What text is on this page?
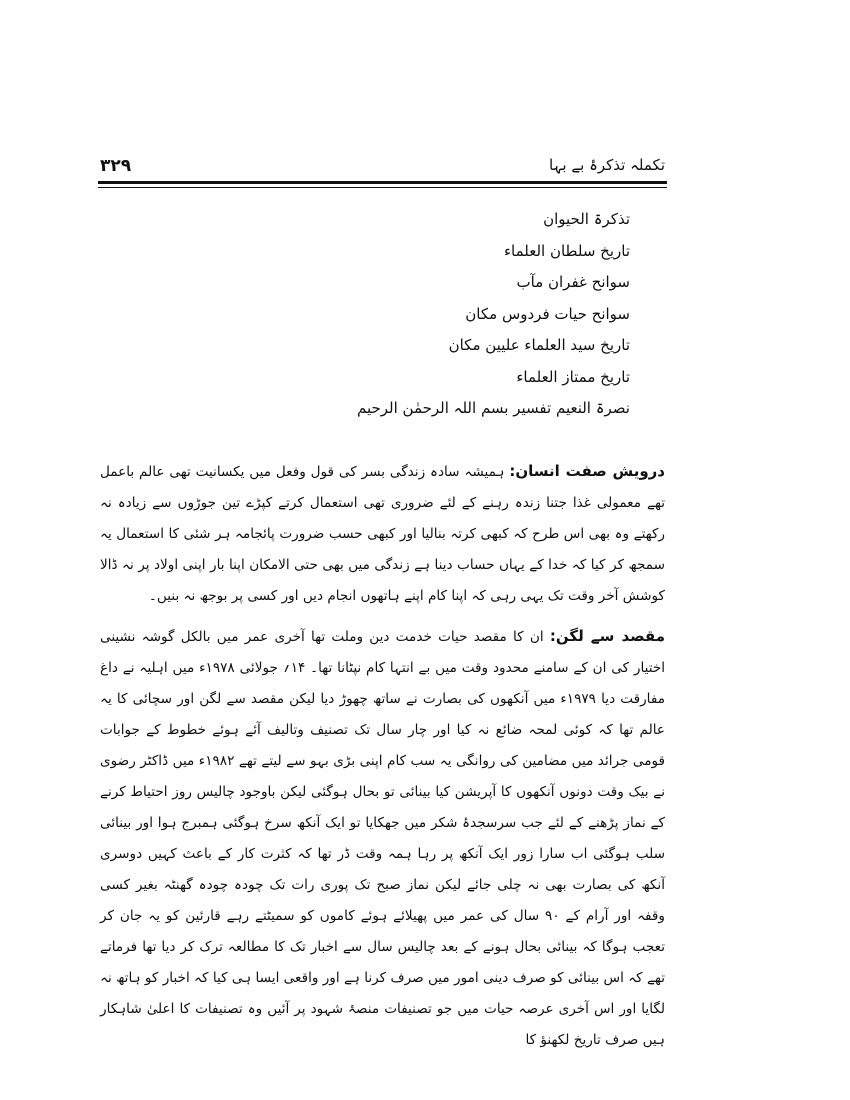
۳۲۹	تکملہ تذکرۂ بے بہا
تذکرۃ الحیوان
تاریخ سلطان العلماء
سوانح غفران مآب
سوانح حیات فردوس مکان
تاریخ سید العلماء علیین مکان
تاریخ ممتاز العلماء
نصرۃ النعیم تفسیر بسم اللہ الرحمٰن الرحیم

درویش صفت انسان: ہمیشہ سادہ زندگی بسر کی قول وفعل میں یکسانیت تھی عالم باعمل تھے معمولی غذا جتنا زندہ رہنے کے لئے ضروری تھی استعمال کرتے کپڑے تین جوڑوں سے زیادہ نہ رکھتے وہ بھی اس طرح کہ کبھی کرتہ بنالیا اور کبھی حسب ضرورت پائجامہ ہر شئی کا استعمال یہ سمجھ کر کیا کہ خدا کے یہاں حساب دینا ہے زندگی میں بھی حتی الامکان اپنا بار اپنی اولاد پر نہ ڈالا کوشش آخر وقت تک یہی رہی کہ اپنا کام اپنے ہاتھوں انجام دیں اور کسی پر بوجھ نہ بنیں۔

مقصد سے لگن: ان کا مقصد حیات خدمت دین وملت تھا آخری عمر میں بالکل گوشہ نشینی اختیار کی ان کے سامنے محدود وقت میں بے انتہا کام نپٹانا تھا۔ ۱۴؍ جولائی ۱۹۷۸ء میں اہلیہ نے داغ مفارقت دیا ۱۹۷۹ء میں آنکھوں کی بصارت نے ساتھ چھوڑ دیا لیکن مقصد سے لگن اور سچائی کا یہ عالم تھا کہ کوئی لمحہ ضائع نہ کیا اور چار سال تک تصنیف وتالیف آئے ہوئے خطوط کے جوابات قومی جرائد میں مضامین کی روانگی یہ سب کام اپنی بڑی بہو سے لیتے تھے ۱۹۸۲ء میں ڈاکٹر رضوی نے بیک وقت دونوں آنکھوں کا آپریشن کیا بینائی تو بحال ہوگئی لیکن باوجود چالیس روز احتیاط کرنے کے نماز پڑھنے کے لئے جب سرسجدۂ شکر میں جھکایا تو ایک آنکھ سرخ ہوگئی ہمبرج ہوا اور بینائی سلب ہوگئی اب سارا زور ایک آنکھ پر رہا ہمہ وقت ڈر تھا کہ کثرت کار کے باعث کہیں دوسری آنکھ کی بصارت بھی نہ چلی جائے لیکن نماز صبح تک پوری رات تک چودہ چودہ گھنٹہ بغیر کسی وقفہ اور آرام کے ۹۰ سال کی عمر میں پھیلائے ہوئے کاموں کو سمیٹتے رہے قارئین کو یہ جان کر تعجب ہوگا کہ بینائی بحال ہونے کے بعد چالیس سال سے اخبار تک کا مطالعہ ترک کر دیا تھا فرماتے تھے کہ اس بینائی کو صرف دینی امور میں صرف کرنا ہے اور واقعی ایسا ہی کیا کہ اخبار کو ہاتھ نہ لگایا اور اس آخری عرصہ حیات میں جو تصنیفات منصۂ شہود پر آئیں وہ تصنیفات کا اعلیٰ شاہکار ہیں صرف تاریخ لکھنؤ کا
